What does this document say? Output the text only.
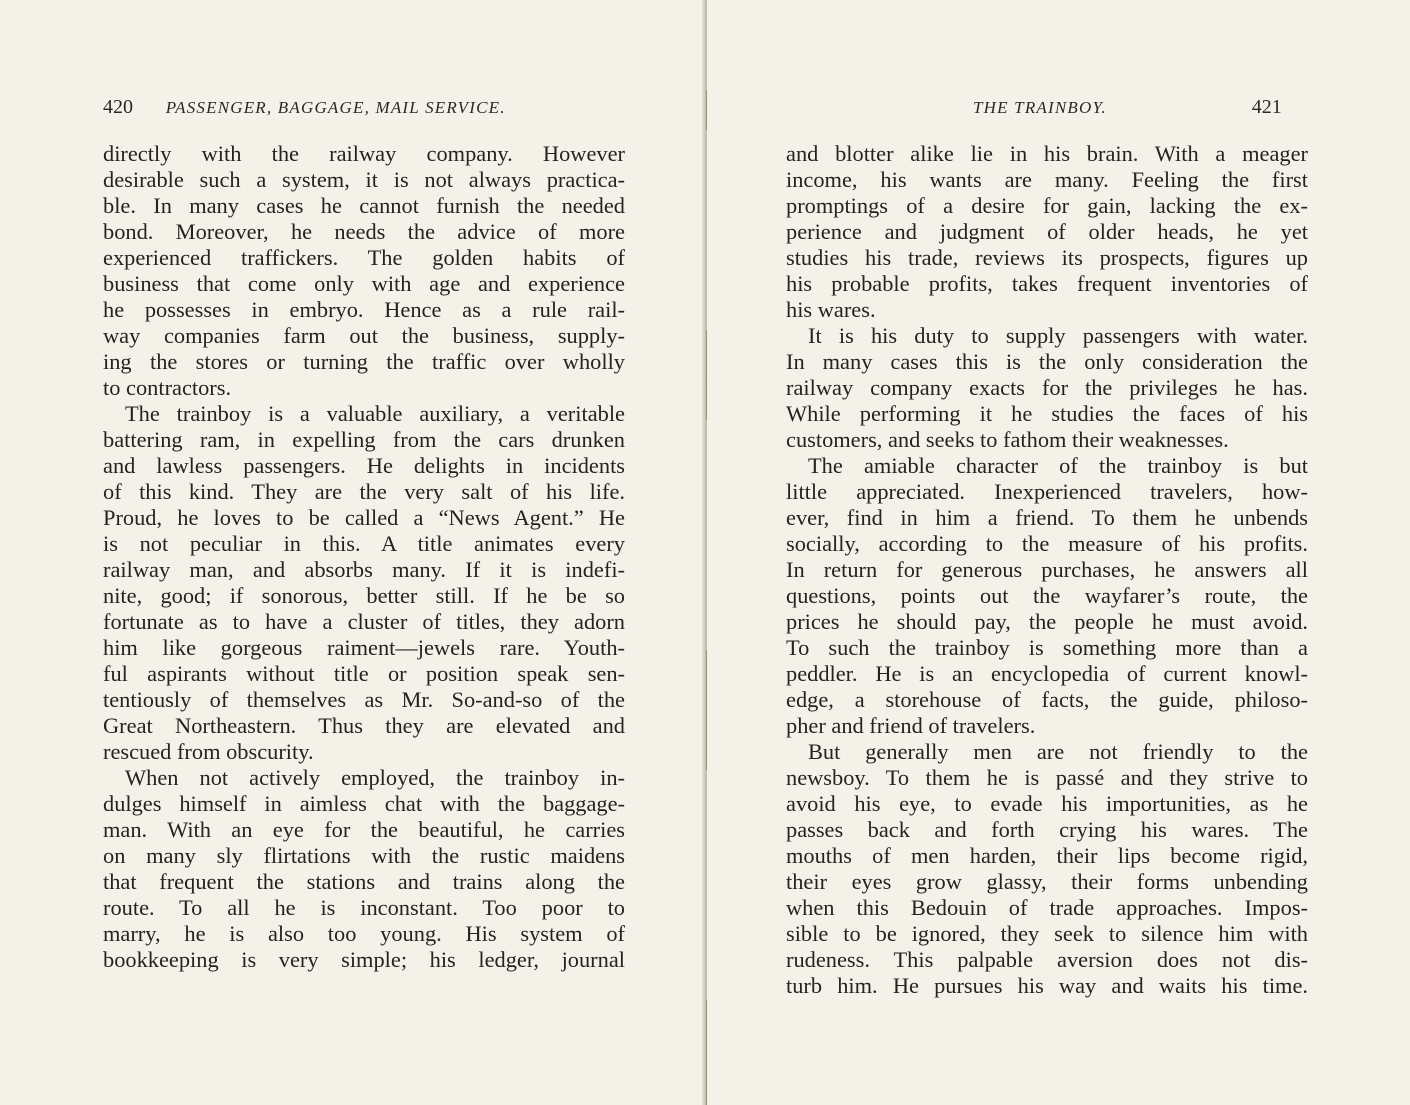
420 PASSENGER, BAGGAGE, MAIL SERVICE.
directly with the railway company. However
desirable such a system, it is not always practica-
ble. In many cases he cannot furnish the needed
bond. Moreover, he needs the advice of more
experienced traffickers. The golden habits of
business that come only with age and experience
he possesses in embryo. Hence as a rule rail-
way companies farm out the business, supply-
ing the stores or turning the traffic over wholly
to contractors.
The trainboy is a valuable auxiliary, a veritable
battering ram, in expelling from the cars drunken
and lawless passengers. He delights in incidents
of this kind. They are the very salt of his life.
Proud, he loves to be called a “News Agent.” He
is not peculiar in this. A title animates every
railway man, and absorbs many. If it is indefi-
nite, good; if sonorous, better still. If he be so
fortunate as to have a cluster of titles, they adorn
him like gorgeous raiment—jewels rare. Youth-
ful aspirants without title or position speak sen-
tentiously of themselves as Mr. So-and-so of the
Great Northeastern. Thus they are elevated and
rescued from obscurity.
When not actively employed, the trainboy in-
dulges himself in aimless chat with the baggage-
man. With an eye for the beautiful, he carries
on many sly flirtations with the rustic maidens
that frequent the stations and trains along the
route. To all he is inconstant. Too poor to
marry, he is also too young. His system of
bookkeeping is very simple; his ledger, journal
THE TRAINBOY.	421
and blotter alike lie in his brain. With a meager
income, his wants are many. Feeling the first
promptings of a desire for gain, lacking the ex-
perience and judgment of older heads, he yet
studies his trade, reviews its prospects, figures up
his probable profits, takes frequent inventories of
his wares.
It is his duty to supply passengers with water.
In many cases this is the only consideration the
railway company exacts for the privileges he has.
While performing it he studies the faces of his
customers, and seeks to fathom their weaknesses.
The amiable character of the trainboy is but
little appreciated. Inexperienced travelers, how-
ever, find in him a friend. To them he unbends
socially, according to the measure of his profits.
In return for generous purchases, he answers all
questions, points out the wayfarer’s route, the
prices he should pay, the people he must avoid.
To such the trainboy is something more than a
peddler. He is an encyclopedia of current knowl-
edge, a storehouse of facts, the guide, philoso-
pher and friend of travelers.
But generally men are not friendly to the
newsboy. To them he is passé and they strive to
avoid his eye, to evade his importunities, as he
passes back and forth crying his wares. The
mouths of men harden, their lips become rigid,
their eyes grow glassy, their forms unbending
when this Bedouin of trade approaches. Impos-
sible to be ignored, they seek to silence him with
rudeness. This palpable aversion does not dis-
turb him. He pursues his way and waits his time.
